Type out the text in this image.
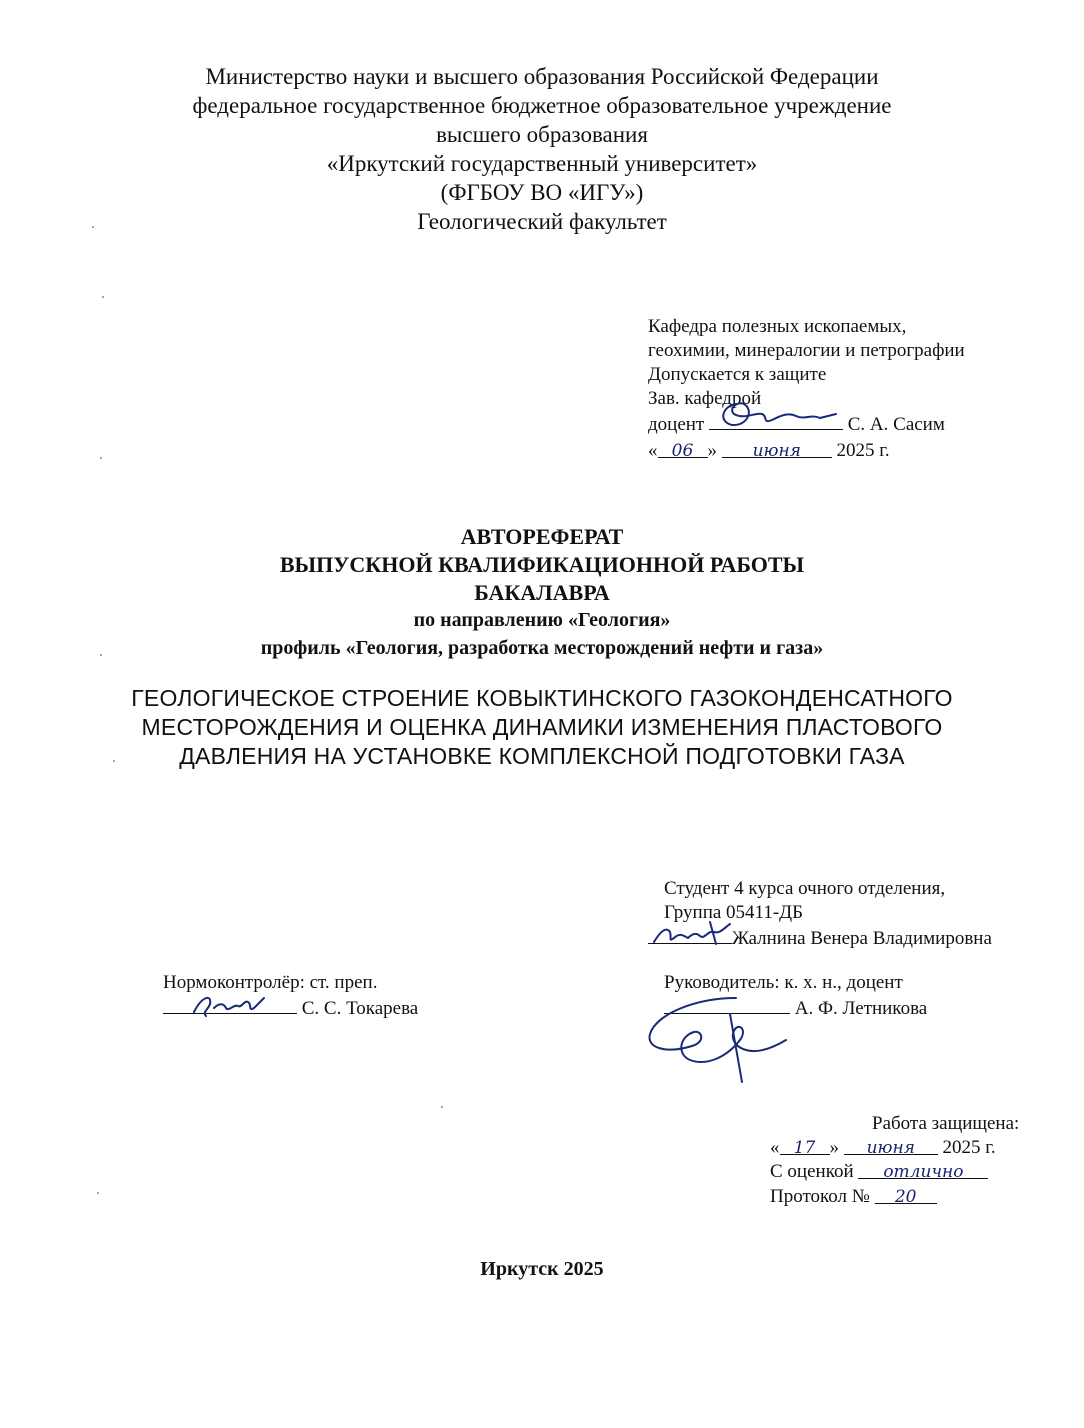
Министерство науки и высшего образования Российской Федерации
федеральное государственное бюджетное образовательное учреждение
высшего образования
«Иркутский государственный университет»
(ФГБОУ ВО «ИГУ»)
Геологический факультет
Кафедра полезных ископаемых,
геохимии, минералогии и петрографии
Допускается к защите
Зав. кафедрой
доцент	С. А. Сасим
« 06 » июня 2025 г.
АВТОРЕФЕРАТ
ВЫПУСКНОЙ КВАЛИФИКАЦИОННОЙ РАБОТЫ
БАКАЛАВРА
по направлению «Геология»
профиль «Геология, разработка месторождений нефти и газа»
ГЕОЛОГИЧЕСКОЕ СТРОЕНИЕ КОВЫКТИНСКОГО ГАЗОКОНДЕНСАТНОГО
МЕСТОРОЖДЕНИЯ И ОЦЕНКА ДИНАМИКИ ИЗМЕНЕНИЯ ПЛАСТОВОГО
ДАВЛЕНИЯ НА УСТАНОВКЕ КОМПЛЕКСНОЙ ПОДГОТОВКИ ГАЗА
Студент 4 курса очного отделения,
Группа 05411-ДБ
Жалнина Венера Владимировна
Нормоконтролёр: ст. преп.
С. С. Токарева
Руководитель: к. х. н., доцент
А. Ф. Летникова
Работа защищена:
« 17 » июня 2025 г.
С оценкой отлично
Протокол № 20
Иркутск 2025
